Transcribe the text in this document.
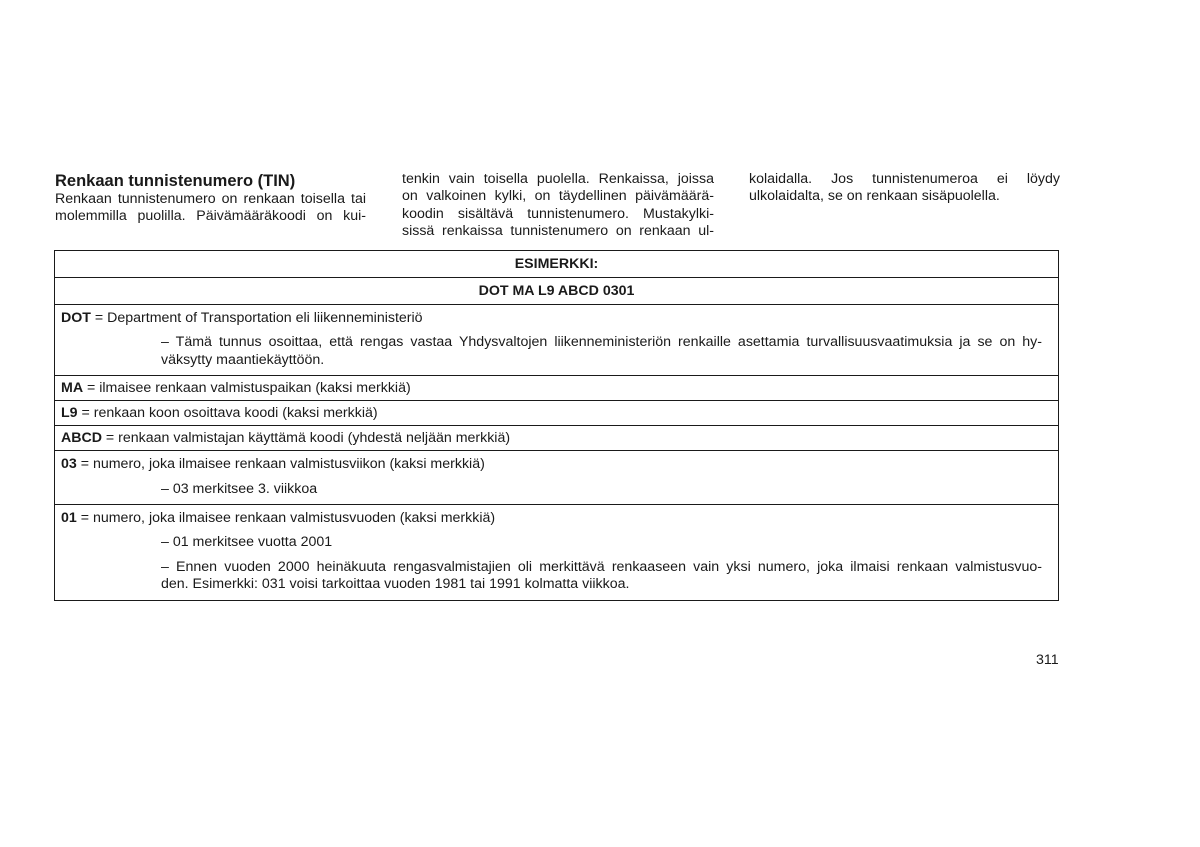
Renkaan tunnistenumero (TIN)

Renkaan tunnistenumero on renkaan toisella tai
molemmilla puolilla. Päivämääräkoodi on kui-

tenkin vain toisella puolella. Renkaissa, joissa
on valkoinen kylki, on täydellinen päivämäärä-
koodin sisältävä tunnistenumero. Mustakylki-
sissä renkaissa tunnistenumero on renkaan ul-

kolaidalla. Jos tunnistenumeroa ei löydy
ulkolaidalta, se on renkaan sisäpuolella.

ESIMERKKI:
DOT MA L9 ABCD 0301
DOT = Department of Transportation eli liikenneministeriö
– Tämä tunnus osoittaa, että rengas vastaa Yhdysvaltojen liikenneministeriön renkaille asettamia turvallisuusvaatimuksia ja se on hy-
väksytty maantiekäyttöön.
MA = ilmaisee renkaan valmistuspaikan (kaksi merkkiä)
L9 = renkaan koon osoittava koodi (kaksi merkkiä)
ABCD = renkaan valmistajan käyttämä koodi (yhdestä neljään merkkiä)
03 = numero, joka ilmaisee renkaan valmistusviikon (kaksi merkkiä)
– 03 merkitsee 3. viikkoa
01 = numero, joka ilmaisee renkaan valmistusvuoden (kaksi merkkiä)
– 01 merkitsee vuotta 2001
– Ennen vuoden 2000 heinäkuuta rengasvalmistajien oli merkittävä renkaaseen vain yksi numero, joka ilmaisi renkaan valmistusvuo-
den. Esimerkki: 031 voisi tarkoittaa vuoden 1981 tai 1991 kolmatta viikkoa.
311
